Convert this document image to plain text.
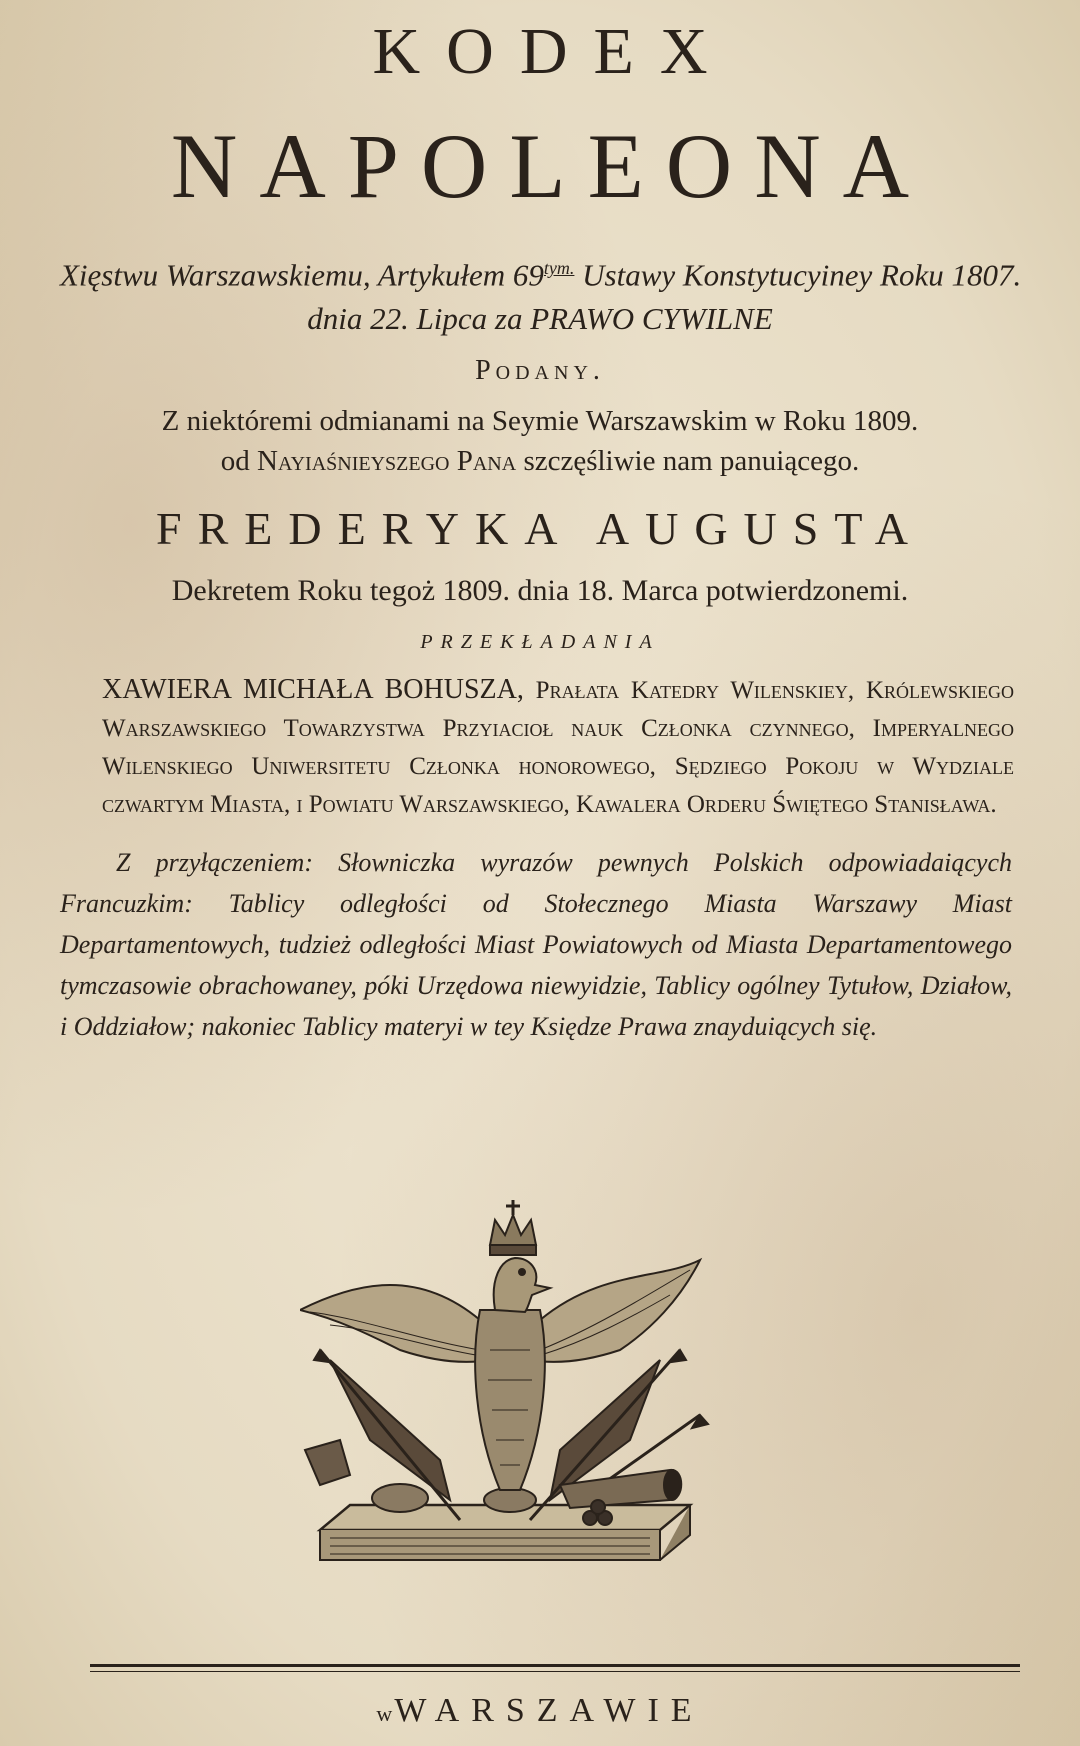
KODEX
NAPOLEONA
Xięstwu Warszawskiemu, Artykułem $69^{tym.}$ Ustawy Konstytucyiney Roku 1807.
dnia 22. Lipca za PRAWO CYWILNE
Podany.
Z niektóremi odmianami na Seymie Warszawskim w Roku 1809.
od Nayiaśnieyszego Pana szczęśliwie nam panuiącego.
FREDERYKA AUGUSTA
Dekretem Roku tegoż 1809. dnia 18. Marca potwierdzonemi.
PRZEKŁADANIA
XAWIERA MICHAŁA BOHUSZA, Prałata Katedry Wilenskiey, Królewskiego Warszawskiego Towarzystwa Przyiacioł nauk Członka czynnego, Imperyalnego Wilenskiego Uniwersitetu Członka honorowego, Sędziego Pokoju w Wydziale czwartym Miasta, i Powiatu Warszawskiego, Kawalera Orderu Świętego Stanisława.
Z przyłączeniem: Słowniczka wyrazów pewnych Polskich odpowiadaiących Francuzkim: Tablicy odległości od Stołecznego Miasta Warszawy Miast Departamentowych, tudzież odległości Miast Powiatowych od Miasta Departamentowego tymczasowie obrachowaney, póki Urzędowa niewyidzie, Tablicy ogólney Tytułow, Działow, i Oddziałow; nakoniec Tablicy materyi w tey Księdze Prawa znayduiących się.
wWARSZAWIE
